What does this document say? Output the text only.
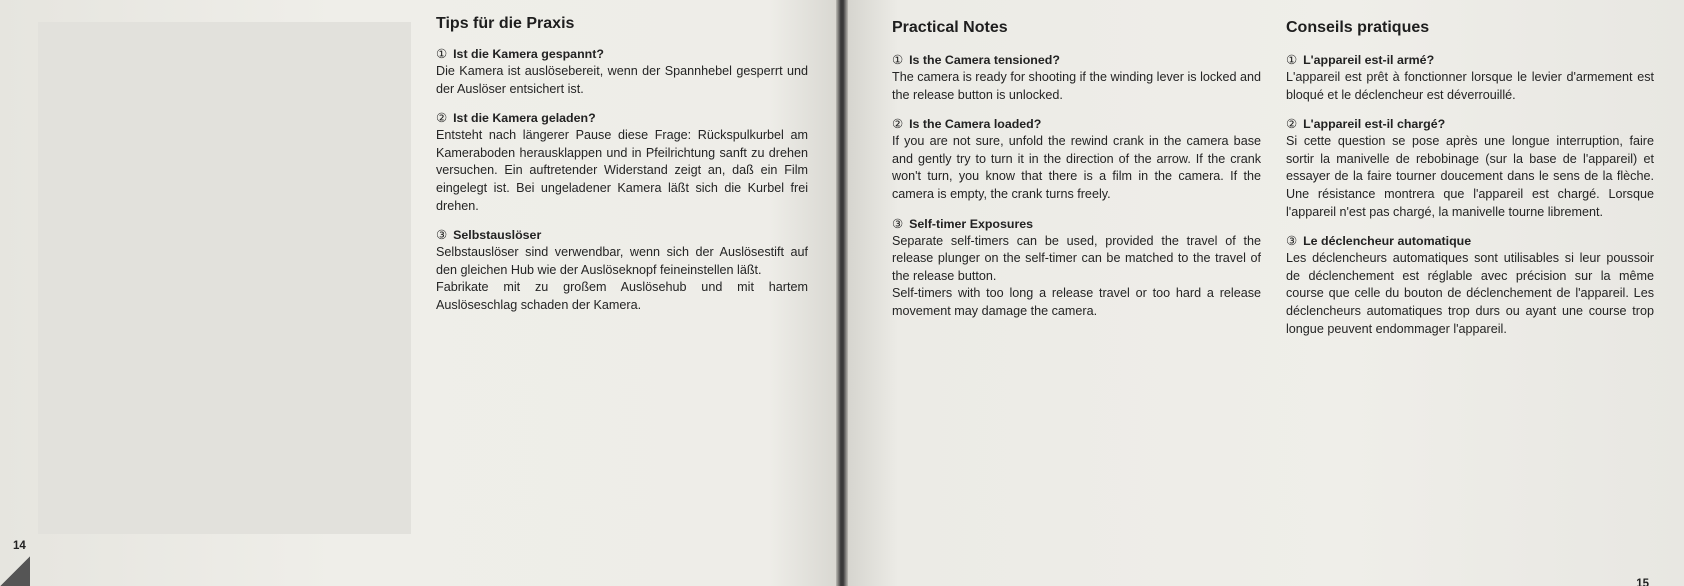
Tips für die Praxis

① Ist die Kamera gespannt?

Die Kamera ist auslösebereit, wenn der Spannhebel gesperrt und der Auslöser entsichert ist.

② Ist die Kamera geladen?

Entsteht nach längerer Pause diese Frage: Rückspulkurbel am Kameraboden herausklappen und in Pfeilrichtung sanft zu drehen versuchen. Ein auftretender Widerstand zeigt an, daß ein Film eingelegt ist. Bei ungeladener Kamera läßt sich die Kurbel frei drehen.

③ Selbstauslöser

Selbstauslöser sind verwendbar, wenn sich der Auslösestift auf den gleichen Hub wie der Auslöseknopf feineinstellen läßt.

Fabrikate mit zu großem Auslösehub und mit hartem Auslöseschlag schaden der Kamera.

14
Practical Notes

① Is the Camera tensioned?

The camera is ready for shooting if the winding lever is locked and the release button is unlocked.

② Is the Camera loaded?

If you are not sure, unfold the rewind crank in the camera base and gently try to turn it in the direction of the arrow. If the crank won't turn, you know that there is a film in the camera. If the camera is empty, the crank turns freely.

③ Self-timer Exposures

Separate self-timers can be used, provided the travel of the release plunger on the self-timer can be matched to the travel of the release button.

Self-timers with too long a release travel or too hard a release movement may damage the camera.

Conseils pratiques

① L'appareil est-il armé?

L'appareil est prêt à fonctionner lorsque le levier d'armement est bloqué et le déclencheur est déverrouillé.

② L'appareil est-il chargé?

Si cette question se pose après une longue interruption, faire sortir la manivelle de rebobinage (sur la base de l'appareil) et essayer de la faire tourner doucement dans le sens de la flèche. Une résistance montrera que l'appareil est chargé. Lorsque l'appareil n'est pas chargé, la manivelle tourne librement.

③ Le déclencheur automatique

Les déclencheurs automatiques sont utilisables si leur poussoir de déclenchement est réglable avec précision sur la même course que celle du bouton de déclenchement de l'appareil. Les déclencheurs automatiques trop durs ou ayant une course trop longue peuvent endommager l'appareil.

15
